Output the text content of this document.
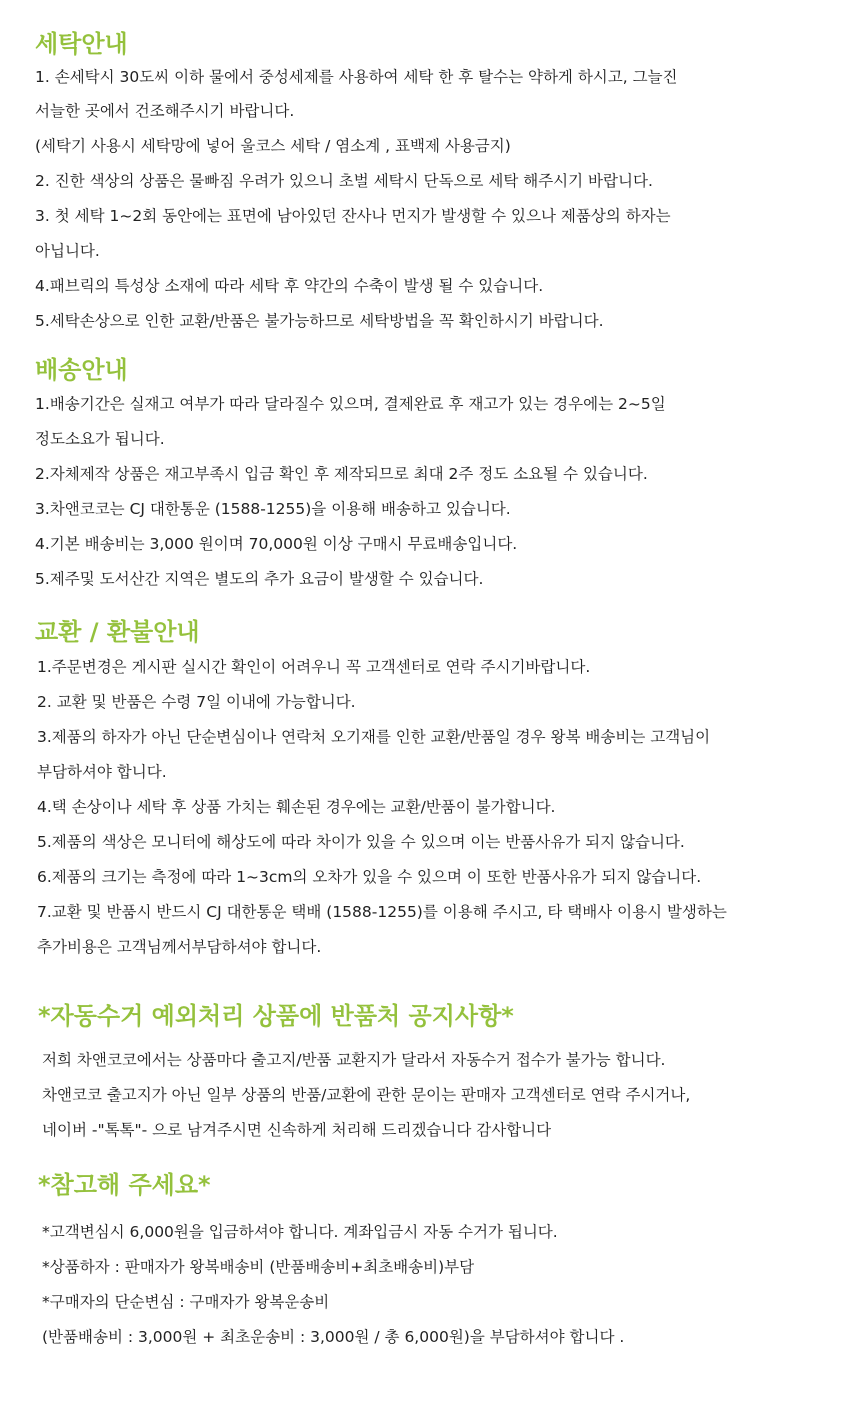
세탁안내

1. 손세탁시 30도씨 이하 물에서 중성세제를 사용하여 세탁 한 후 탈수는 약하게 하시고, 그늘진

서늘한 곳에서 건조해주시기 바랍니다.

(세탁기 사용시 세탁망에 넣어 울코스 세탁 / 염소계 , 표백제 사용금지)

2. 진한 색상의 상품은 물빠짐 우려가 있으니 초벌 세탁시 단독으로 세탁 해주시기 바랍니다.

3. 첫 세탁 1~2회 동안에는 표면에 남아있던 잔사나 먼지가 발생할 수 있으나 제품상의 하자는

아닙니다.

4.패브릭의 특성상 소재에 따라 세탁 후 약간의 수축이 발생 될 수 있습니다.

5.세탁손상으로 인한 교환/반품은 불가능하므로 세탁방법을 꼭 확인하시기 바랍니다.

배송안내

1.배송기간은 실재고 여부가 따라 달라질수 있으며, 결제완료 후 재고가 있는 경우에는 2~5일

정도소요가 됩니다.

2.자체제작 상품은 재고부족시 입금 확인 후 제작되므로 최대 2주 정도 소요될 수 있습니다.

3.차앤코코는 CJ 대한통운 (1588-1255)을 이용해 배송하고 있습니다.

4.기본 배송비는 3,000 원이며 70,000원 이상 구매시 무료배송입니다.

5.제주및 도서산간 지역은 별도의 추가 요금이 발생할 수 있습니다.

교환 / 환불안내

1.주문변경은 게시판 실시간 확인이 어려우니 꼭 고객센터로 연락 주시기바랍니다.

2. 교환 및 반품은 수령 7일 이내에 가능합니다.

3.제품의 하자가 아닌 단순변심이나 연락처 오기재를 인한 교환/반품일 경우 왕복 배송비는 고객님이

부담하셔야 합니다.

4.택 손상이나 세탁 후 상품 가치는 훼손된 경우에는 교환/반품이 불가합니다.

5.제품의 색상은 모니터에 해상도에 따라 차이가 있을 수 있으며 이는 반품사유가 되지 않습니다.

6.제품의 크기는 측정에 따라 1~3cm의 오차가 있을 수 있으며 이 또한 반품사유가 되지 않습니다.

7.교환 및 반품시 반드시 CJ 대한통운 택배 (1588-1255)를 이용해 주시고, 타 택배사 이용시 발생하는

추가비용은 고객님께서부담하셔야 합니다.

*자동수거 예외처리 상품에 반품처 공지사항*

저희 차앤코코에서는 상품마다 출고지/반품 교환지가 달라서 자동수거 접수가 불가능 합니다.

차앤코코 출고지가 아닌 일부 상품의 반품/교환에 관한 문이는 판매자 고객센터로 연락 주시거나,

네이버 -"톡톡"- 으로 남겨주시면 신속하게 처리해 드리겠습니다 감사합니다

*참고해 주세요*

*고객변심시 6,000원을 입금하셔야 합니다. 계좌입금시 자동 수거가 됩니다.

*상품하자 : 판매자가 왕복배송비 (반품배송비+최초배송비)부담

*구매자의 단순변심 : 구매자가 왕복운송비

(반품배송비 : 3,000원 + 최초운송비 : 3,000원 / 총 6,000원)을 부담하셔야 합니다 .
